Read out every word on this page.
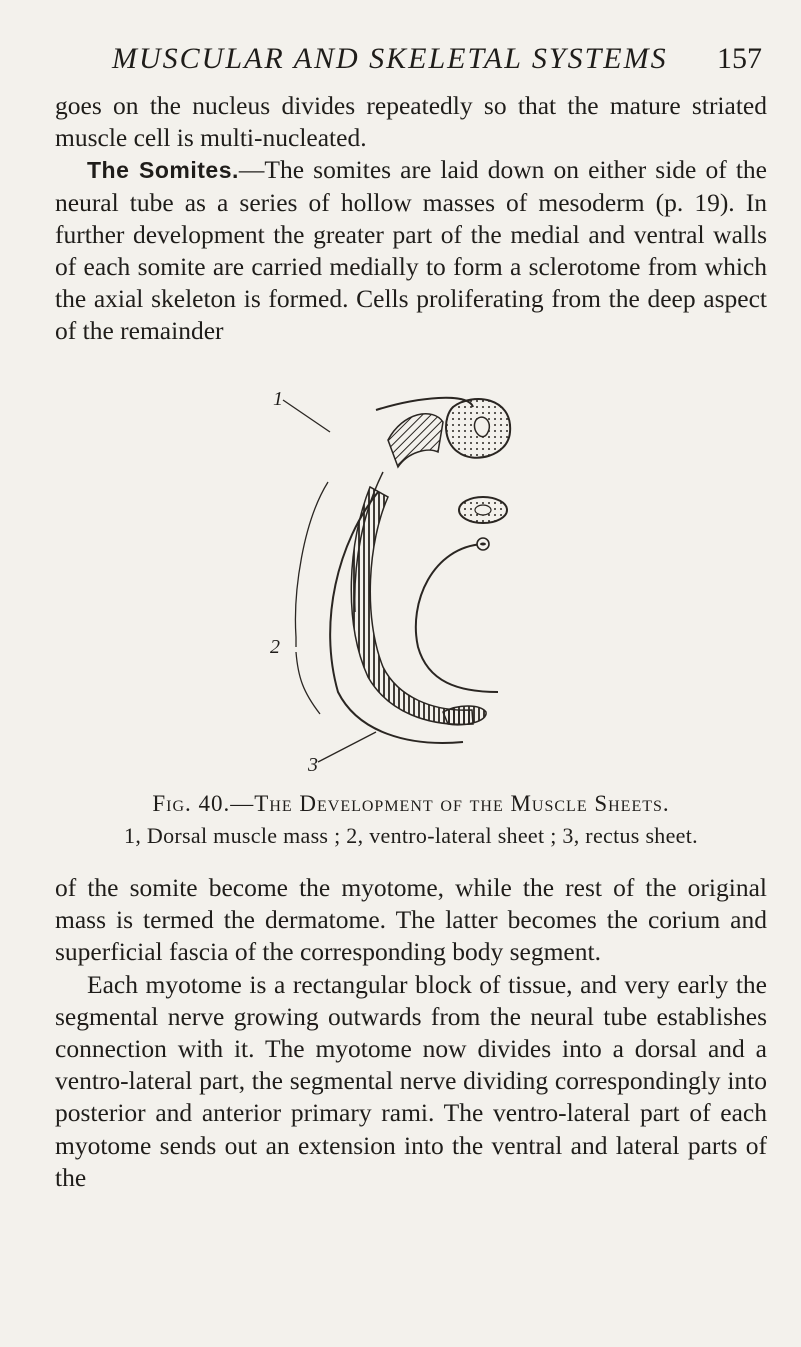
MUSCULAR AND SKELETAL SYSTEMS 157

goes on the nucleus divides repeatedly so that the mature striated muscle cell is multi-nucleated.

The Somites.—The somites are laid down on either side of the neural tube as a series of hollow masses of mesoderm (p. 19). In further development the greater part of the medial and ventral walls of each somite are carried medially to form a sclerotome from which the axial skeleton is formed. Cells proliferating from the deep aspect of the remainder

1
2
3
Fig. 40.—The Development of the Muscle Sheets.
1, Dorsal muscle mass ; 2, ventro-lateral sheet ; 3, rectus sheet.

of the somite become the myotome, while the rest of the original mass is termed the dermatome. The latter becomes the corium and superficial fascia of the corresponding body segment.

Each myotome is a rectangular block of tissue, and very early the segmental nerve growing outwards from the neural tube establishes connection with it. The myotome now divides into a dorsal and a ventro-lateral part, the segmental nerve dividing correspondingly into posterior and anterior primary rami. The ventro-lateral part of each myotome sends out an extension into the ventral and lateral parts of the
